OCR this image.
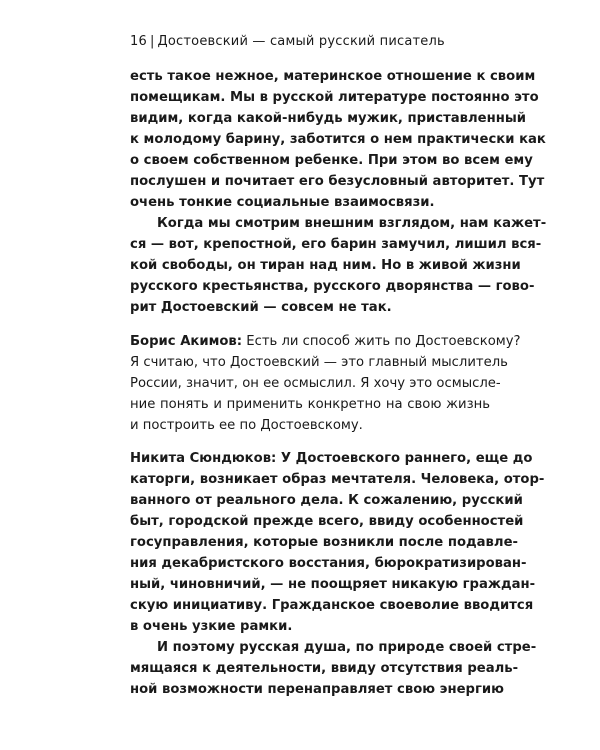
16 | Достоевский — самый русский писатель
есть такое нежное, материнское отношение к своим
помещикам. Мы в русской литературе постоянно это
видим, когда какой-нибудь мужик, приставленный
к молодому барину, заботится о нем практически как
о своем собственном ребенке. При этом во всем ему
послушен и почитает его безусловный авторитет. Тут
очень тонкие социальные взаимосвязи.
Когда мы смотрим внешним взглядом, нам кажет-
ся — вот, крепостной, его барин замучил, лишил вся-
кой свободы, он тиран над ним. Но в живой жизни
русского крестьянства, русского дворянства — гово-
рит Достоевский — совсем не так.
Борис Акимов: Есть ли способ жить по Достоевскому?
Я считаю, что Достоевский — это главный мыслитель
России, значит, он ее осмыслил. Я хочу это осмысле-
ние понять и применить конкретно на свою жизнь
и построить ее по Достоевскому.
Никита Сюндюков: У Достоевского раннего, еще до
каторги, возникает образ мечтателя. Человека, отор-
ванного от реального дела. К сожалению, русский
быт, городской прежде всего, ввиду особенностей
госуправления, которые возникли после подавле-
ния декабристского восстания, бюрократизирован-
ный, чиновничий, — не поощряет никакую граждан-
скую инициативу. Гражданское своеволие вводится
в очень узкие рамки.
И поэтому русская душа, по природе своей стре-
мящаяся к деятельности, ввиду отсутствия реаль-
ной возможности перенаправляет свою энергию
